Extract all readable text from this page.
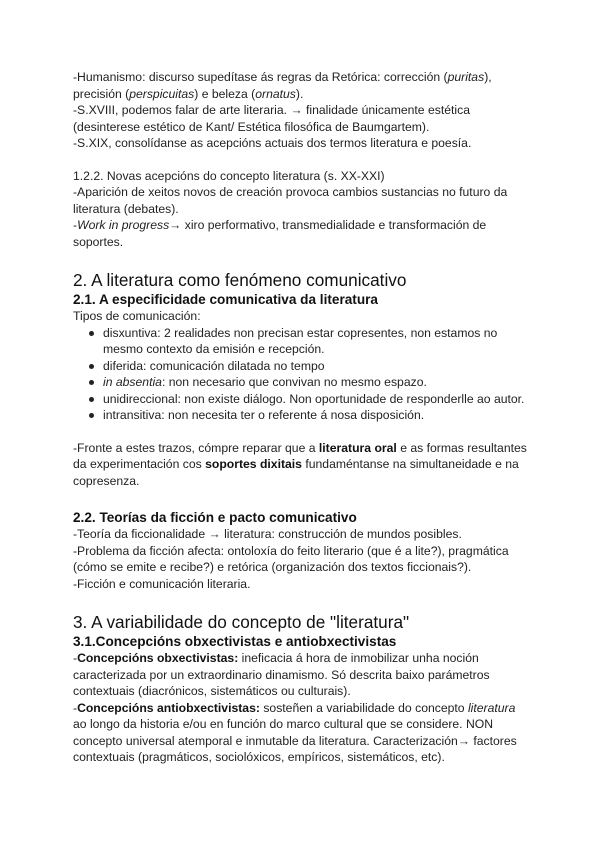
-Humanismo: discurso supedítase ás regras da Retórica: corrección (puritas),

precisión (perspicuitas) e beleza (ornatus).

-S.XVIII, podemos falar de arte literaria. → finalidade únicamente estética

(desinterese estético de Kant/ Estética filosófica de Baumgartem).

-S.XIX, consolídanse as acepcións actuais dos termos literatura e poesía.

1.2.2. Novas acepcións do concepto literatura (s. XX-XXI)

-Aparición de xeitos novos de creación provoca cambios sustancias no futuro da

literatura (debates).

-Work in progress→ xiro performativo, transmedialidade e transformación de

soportes.

2. A literatura como fenómeno comunicativo
2.1. A especificidade comunicativa da literatura

Tipos de comunicación:

disxuntiva: 2 realidades non precisan estar copresentes, non estamos no
mesmo contexto da emisión e recepción.
diferida: comunicación dilatada no tempo
in absentia: non necesario que convivan no mesmo espazo.
unidireccional: non existe diálogo. Non oportunidade de responderlle ao autor.
intransitiva: non necesita ter o referente á nosa disposición.

-Fronte a estes trazos, cómpre reparar que a literatura oral e as formas resultantes

da experimentación cos soportes dixitais fundaméntanse na simultaneidade e na

copresenza.

2.2. Teorías da ficción e pacto comunicativo

-Teoría da ficcionalidade → literatura: construcción de mundos posibles.

-Problema da ficción afecta: ontoloxía do feito literario (que é a lite?), pragmática

(cómo se emite e recibe?) e retórica (organización dos textos ficcionais?).

-Ficción e comunicación literaria.

3. A variabilidade do concepto de "literatura"
3.1.Concepcións obxectivistas e antiobxectivistas

-Concepcións obxectivistas: ineficacia á hora de inmobilizar unha noción

caracterizada por un extraordinario dinamismo. Só descrita baixo parámetros

contextuais (diacrónicos, sistemáticos ou culturais).

-Concepcións antiobxectivistas: sosteñen a variabilidade do concepto literatura

ao longo da historia e/ou en función do marco cultural que se considere. NON

concepto universal atemporal e inmutable da literatura. Caracterización→ factores

contextuais (pragmáticos, sociolóxicos, empíricos, sistemáticos, etc).
